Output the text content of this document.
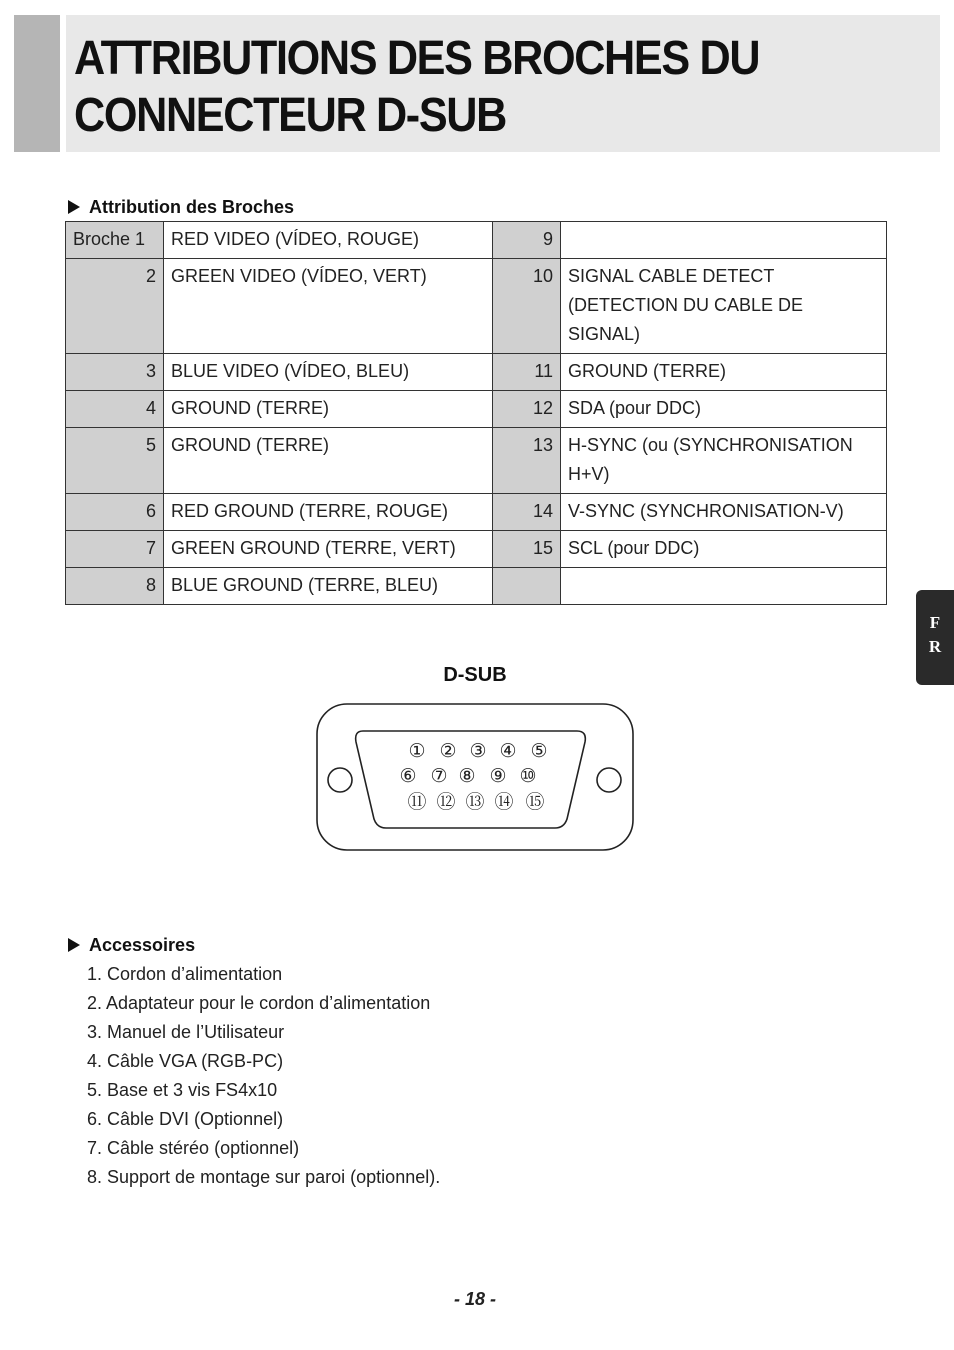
ATTRIBUTIONS DES BROCHES DU
CONNECTEUR D-SUB
Attribution des Broches
Broche 1	RED VIDEO (VÍDEO, ROUGE)	9	
2	GREEN VIDEO (VÍDEO, VERT)	10	SIGNAL CABLE DETECT (DETECTION DU CABLE DE SIGNAL)
3	BLUE VIDEO (VÍDEO, BLEU)	11	GROUND (TERRE)
4	GROUND (TERRE)	12	SDA (pour DDC)
5	GROUND (TERRE)	13	H-SYNC (ou (SYNCHRONISATION H+V)
6	RED GROUND (TERRE, ROUGE)	14	V-SYNC (SYNCHRONISATION-V)
7	GREEN GROUND (TERRE, VERT)	15	SCL (pour DDC)
8	BLUE GROUND (TERRE, BLEU)		
D-SUB
① ② ③ ④ ⑤
⑥ ⑦ ⑧ ⑨ ⑩
⑪ ⑫ ⑬ ⑭ ⑮
Accessoires
1. Cordon d’alimentation
2. Adaptateur pour le cordon d’alimentation
3. Manuel de l’Utilisateur
4. Câble VGA (RGB-PC)
5. Base et 3 vis FS4x10
6. Câble DVI (Optionnel)
7. Câble stéréo (optionnel)
8. Support de montage sur paroi (optionnel).
F
R
- 18 -
